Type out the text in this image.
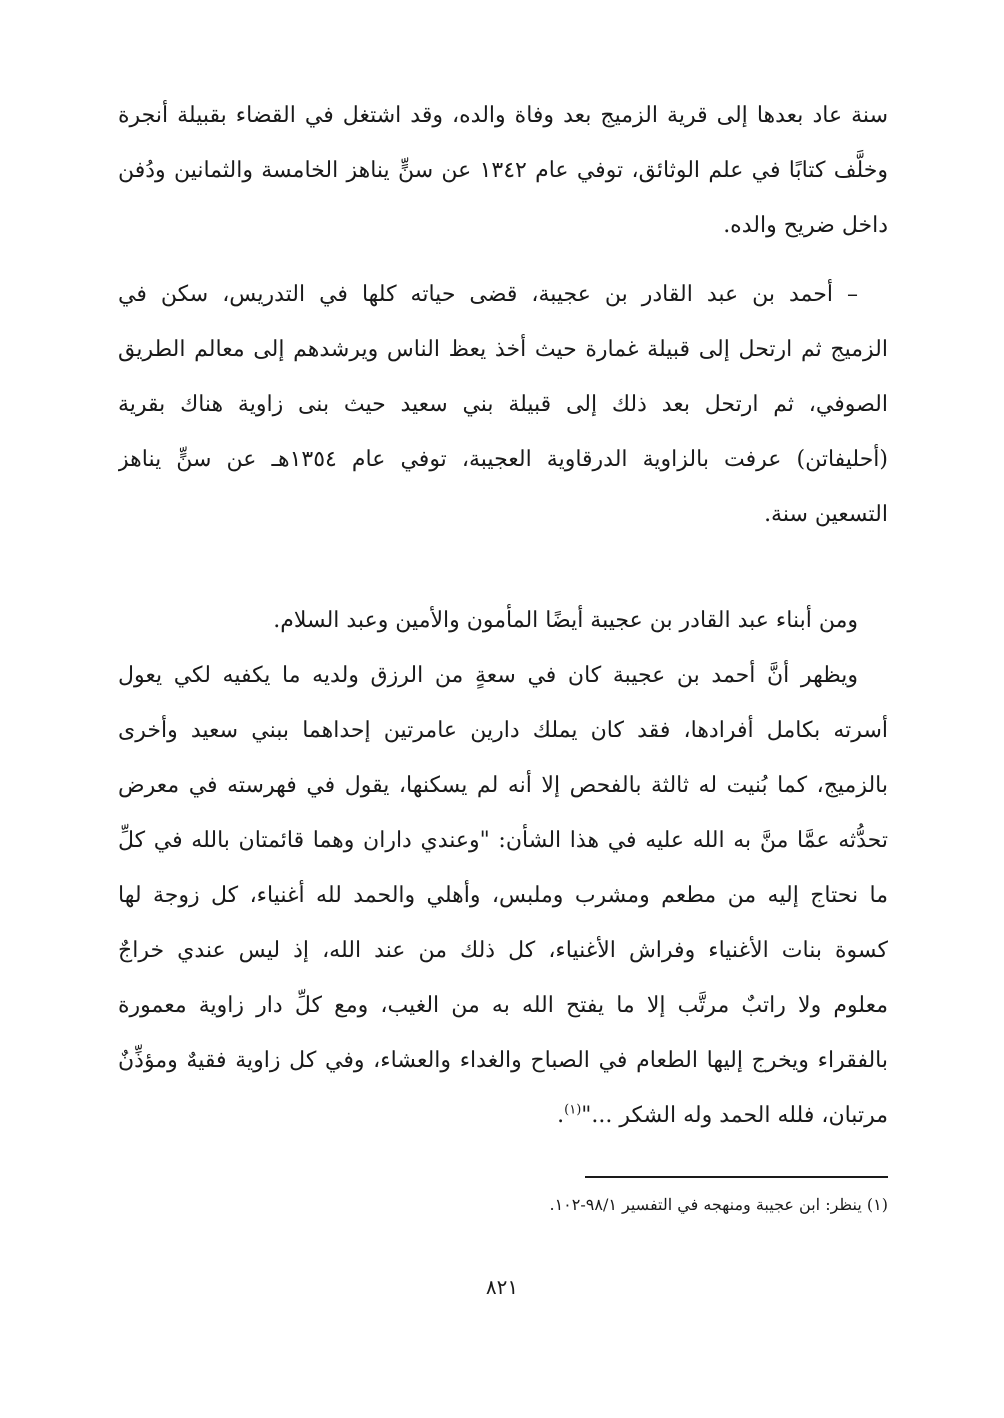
سنة عاد بعدها إلى قرية الزميج بعد وفاة والده، وقد اشتغل في القضاء بقبيلة أنجرة
وخلَّف كتابًا في علم الوثائق، توفي عام ١٣٤٢ عن سنٍّ يناهز الخامسة والثمانين ودُفن
داخل ضريح والده.
– أحمد بن عبد القادر بن عجيبة، قضى حياته كلها في التدريس، سكن في
الزميج ثم ارتحل إلى قبيلة غمارة حيث أخذ يعظ الناس ويرشدهم إلى معالم الطريق
الصوفي، ثم ارتحل بعد ذلك إلى قبيلة بني سعيد حيث بنى زاوية هناك بقرية
(أحليفاتن) عرفت بالزاوية الدرقاوية العجيبة، توفي عام ١٣٥٤هـ عن سنٍّ يناهز
التسعين سنة.
ومن أبناء عبد القادر بن عجيبة أيضًا المأمون والأمين وعبد السلام.
ويظهر أنَّ أحمد بن عجيبة كان في سعةٍ من الرزق ولديه ما يكفيه لكي يعول
أسرته بكامل أفرادها، فقد كان يملك دارين عامرتين إحداهما ببني سعيد وأخرى
بالزميج، كما بُنيت له ثالثة بالفحص إلا أنه لم يسكنها، يقول في فهرسته في معرض
تحدُّثه عمَّا منَّ به الله عليه في هذا الشأن: "وعندي داران وهما قائمتان بالله في كلِّ
ما نحتاج إليه من مطعم ومشرب وملبس، وأهلي والحمد لله أغنياء، كل زوجة لها
كسوة بنات الأغنياء وفراش الأغنياء، كل ذلك من عند الله، إذ ليس عندي خراجٌ
معلوم ولا راتبٌ مرتَّب إلا ما يفتح الله به من الغيب، ومع كلِّ دار زاوية معمورة
بالفقراء ويخرج إليها الطعام في الصباح والغداء والعشاء، وفي كل زاوية فقيهٌ ومؤذِّنٌ
مرتبان، فلله الحمد وله الشكر ..."$^{(١)}$.
(١) ينظر: ابن عجيبة ومنهجه في التفسير ٩٨/١-١٠٢.
٨٢١
